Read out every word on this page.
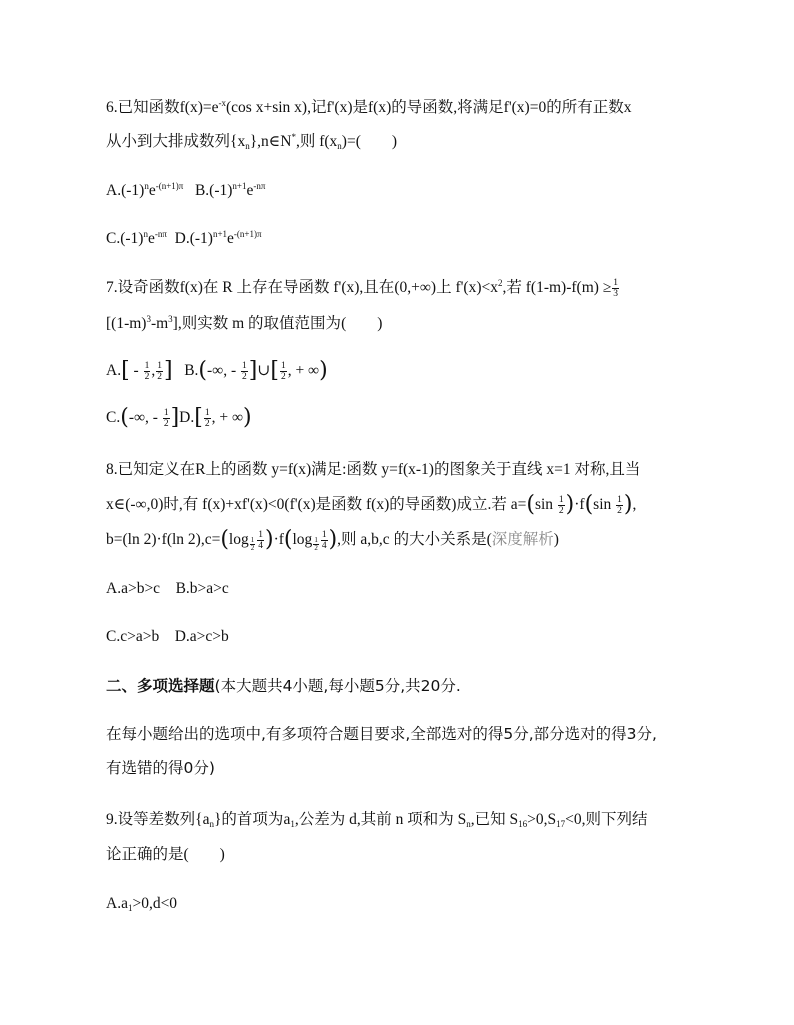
6.已知函数$f(x)=e^{-x}(\cos$ x+sin x),记f'(x)是f(x)的导函数,将满足f'(x)=0的所有正数x
从小到大排成数列$\{x_n\},n\in N^*$,则 $f(x_n)=$(　　)
$A.(-1)^ne^{-(n+1)\pi}$   $B.(-1)^{n+1}e^{-n\pi}$
$C.(-1)^ne^{-n\pi}$  $D.(-1)^{n+1}e^{-(n+1)\pi}$
7.设奇函数f(x)在 R 上存在导函数 f'(x),且在(0,+∞)上 $f'(x)<x^2$,若 $f(1-m)-f(m) \ge \frac{1}{3}$
$[(1-m)^3-m^3]$,则实数 m 的取值范围为(　　)
$A.[ - \frac{1}{2}$ , $\frac{1}{2}$ ]   B.(-∞, - $\frac{1}{2}$ ]∪[ $\frac{1}{2}$ , + ∞)
C.(-∞, - $\frac{1}{2} ]D.[ \frac{1}{2}$ , + ∞)
8.已知定义在R上的函数 y=f(x)满足:函数 y=f(x-1)的图象关于直线 x=1 对称,且当
x∈(-∞,0)时,有 f(x)+xf'(x)<0(f'(x)是函数 f(x)的导函数)成立.若 $a=(\sin \frac{1}{2} )\cdot f(\sin \frac{1}{2}$ ),
b=(ln 2)·f(ln 2),c=(log $_{\frac{1}{2}} \frac{1}{4} )\cdot f(\log$ $_{\frac{1}{2}} \frac{1}{4}$ ),则 a,b,c 的大小关系是(深度解析)
A.a>b>c B.b>a>c
C.c>a>b D.a>c>b
二、多项选择题(本大题共4小题,每小题5分,共20分.
在每小题给出的选项中,有多项符合题目要求,全部选对的得5分,部分选对的得3分,
有选错的得0分)
9.设等差数列$\{a_n\}$的首项为$a_1$,公差为 d,其前 n 项和为 $S_n$,已知 $S_{16}>0,S_{17}<0$,则下列结
论正确的是(　　)
$A.a_1>0,d<0$
